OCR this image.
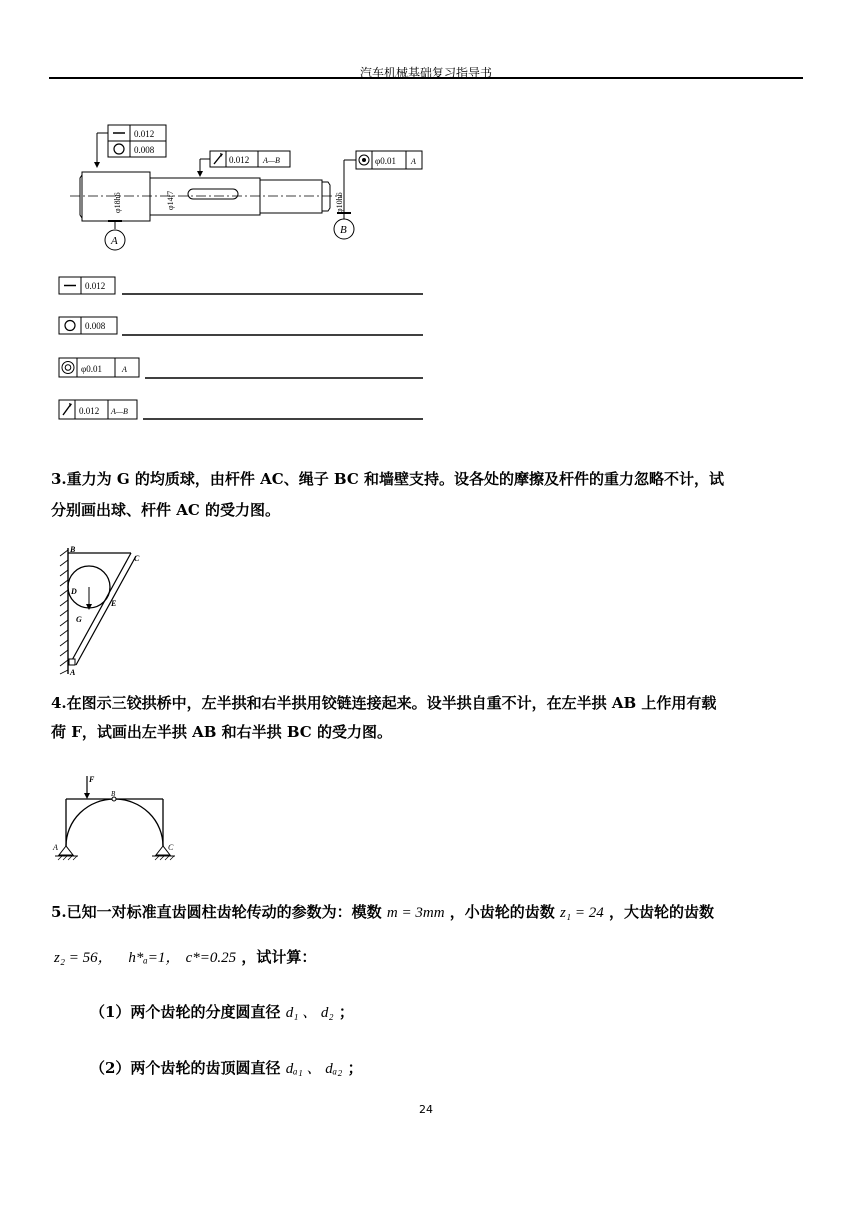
汽车机械基础复习指导书
0.012
0.008
0.012 A—B	φ0.01 A
φ18h6	φ14f7	φ10h6
A
B
0.012
0.008
φ0.01	A
0.012 A—B
3.重力为 G 的均质球，由杆件 AC、绳子 BC 和墙壁支持。设各处的摩擦及杆件的重力忽略不计，试
分别画出球、杆件 AC 的受力图。
B
C
D
E
G
A
4.在图示三铰拱桥中，左半拱和右半拱用铰链连接起来。设半拱自重不计，在左半拱 AB 上作用有载
荷 F，试画出左半拱 AB 和右半拱 BC 的受力图。
F
B
A	C
5.已知一对标准直齿圆柱齿轮传动的参数为：模数 m = 3mm ，小齿轮的齿数 z₁ = 24 ，大齿轮的齿数
z₂ = 56， h*ₐ=1， c*=0.25 ，试计算：
（1）两个齿轮的分度圆直径 d₁ 、 d₂ ；
（2）两个齿轮的齿顶圆直径 dₐ₁ 、 dₐ₂ ；
24
